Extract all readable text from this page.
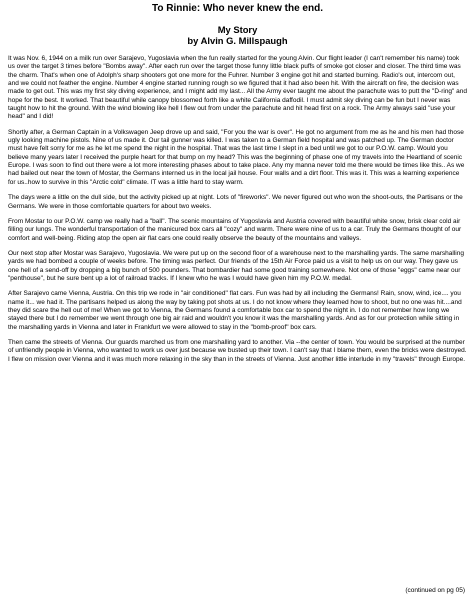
To Rinnie: Who never knew the end.
My Story
by Alvin G. Millspaugh

It was Nov. 6, 1944 on a milk run over Sarajevo, Yugoslavia when the fun really started for the young Alvin. Our flight leader (I can't remember his name) took us over the target 3 times before "Bombs away". After each run over the target those funny little black puffs of smoke got closer and closer. The third time was the charm. That's when one of Adolph's sharp shooters got one more for the Fuhrer. Number 3 engine got hit and started burning. Radio's out, intercom out, and we could not feather the engine. Number 4 engine started running rough so we figured that it had also been hit. With the aircraft on fire, the decision was made to get out. This was my first sky diving experience, and I might add my last... All the Army ever taught me about the parachute was to putt the "D-ring" and hope for the best. It worked. That beautiful while canopy blossomed forth like a white California daffodil. I must admit sky diving can be fun but I never was taught how to hit the ground. With the wind blowing like hell I flew out from under the parachute and hit head first on a rock. The Army always said "use your head" and I did!

Shortly after, a German Captain in a Volkswagen Jeep drove up and said, "For you the war is over". He got no argument from me as he and his men had those ugly looking machine pistols. Nine of us made it. Our tail gunner was killed. I was taken to a German field hospital and was patched up. The German doctor must have felt sorry for me as he let me spend the night in the hospital. That was the last time I slept in a bed until we got to our P.O.W. camp. Would you believe many years later I received the purple heart for that bump on my head? This was the beginning of phase one of my travels into the Heartland of scenic Europe. I was soon to find out there were a lot more interesting phases about to take place. Any my manna never told me there would be times like this.. As we had bailed out near the town of Mostar, the Germans interned us in the local jail house. Four walls and a dirt floor. This was it. This was a learning experience for us..how to survive in this "Arctic cold" climate. IT was a little hard to stay warm.

The days were a little on the dull side, but the activity picked up at night. Lots of "fireworks". We never figured out who won the shoot-outs, the Partisans or the Germans. We were in those comfortable quarters for about two weeks.

From Mostar to our P.O.W. camp we really had a "ball". The scenic mountains of Yugoslavia and Austria covered with beautiful white snow, brisk clear cold air filling our lungs. The wonderful transportation of the manicured box cars all "cozy" and warm. There were nine of us to a car. Truly the Germans thought of our comfort and well-being. Riding atop the open air flat cars one could really observe the beauty of the mountains and valleys.

Our next stop after Mostar was Sarajevo, Yugoslavia. We were put up on the second floor of a warehouse next to the marshalling yards. The same marshalling yards we had bombed a couple of weeks before. The timing was perfect. Our friends of the 15th Air Force paid us a visit to help us on our way. They gave us one hell of a send-off by dropping a big bunch of 500 pounders. That bombardier had some good training somewhere. Not one of those "eggs" came near our "penthouse", but he sure bent up a lot of railroad tracks. If I knew who he was I would have given him my P.O.W. medal.

After Sarajevo came Vienna, Austria. On this trip we rode in "air conditioned" flat cars. Fun was had by all including the Germans! Rain, snow, wind, ice.... you name it... we had it. The partisans helped us along the way by taking pot shots at us. I do not know where they learned how to shoot, but no one was hit....and they did scare the hell out of me! When we got to Vienna, the Germans found a comfortable box car to spend the night in. I do not remember how long we stayed there but I do remember we went through one big air raid and wouldn't you know it was the marshalling yards. And as for our protection while sitting in the marshalling yards in Vienna and later in Frankfurt we were allowed to stay in the "bomb-proof" box cars.

Then came the streets of Vienna. Our guards marched us from one marshalling yard to another. Via --the center of town. You would be surprised at the number of unfriendly people in Vienna, who wanted to work us over just because we busted up their town. I can't say that I blame them, even the bricks were destroyed. I flew on mission over Vienna and it was much more relaxing in the sky than in the streets of Vienna. Just another little interlude in my "travels" through Europe.

(continued on pg 05)
